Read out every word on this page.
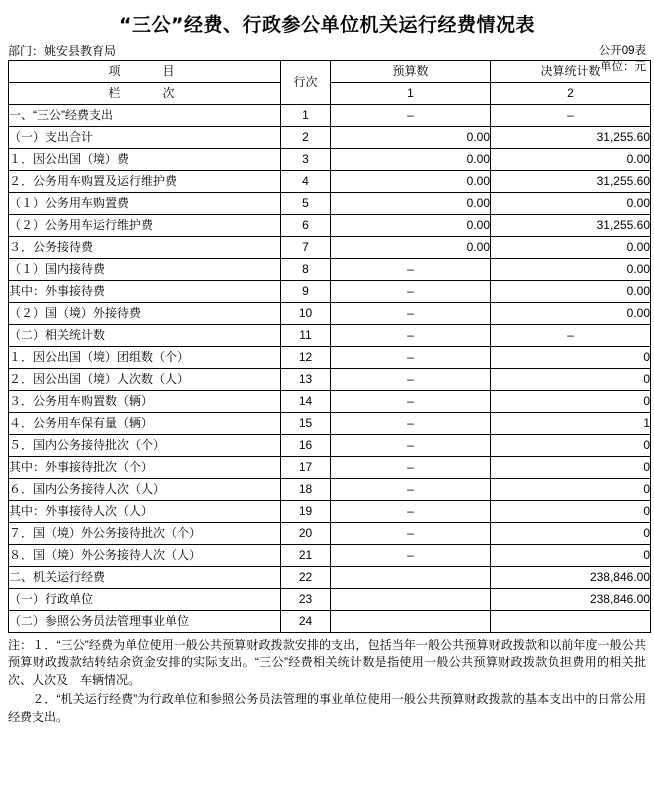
“三公”经费、行政参公单位机关运行经费情况表
公开09表
单位：元
部门：姚安县教育局
项　　目	行次	预算数	决算统计数
栏　　次		1	2
一、“三公”经费支出	1	–	–
（一）支出合计	2	0.00	31,255.60
１．因公出国（境）费	3	0.00	0.00
２．公务用车购置及运行维护费	4	0.00	31,255.60
（１）公务用车购置费	5	0.00	0.00
（２）公务用车运行维护费	6	0.00	31,255.60
３．公务接待费	7	0.00	0.00
（１）国内接待费	8	–	0.00
其中：外事接待费	9	–	0.00
（２）国（境）外接待费	10	–	0.00
（二）相关统计数	11	–	–
１．因公出国（境）团组数（个）	12	–	0
２．因公出国（境）人次数（人）	13	–	0
３．公务用车购置数（辆）	14	–	0
４．公务用车保有量（辆）	15	–	1
５．国内公务接待批次（个）	16	–	0
其中：外事接待批次（个）	17	–	0
６．国内公务接待人次（人）	18	–	0
其中：外事接待人次（人）	19	–	0
７．国（境）外公务接待批次（个）	20	–	0
８．国（境）外公务接待人次（人）	21	–	0
二、机关运行经费	22		238,846.00
（一）行政单位	23		238,846.00
（二）参照公务员法管理事业单位	24		

注：１．“三公”经费为单位使用一般公共预算财政拨款安排的支出，包括当年一般公共预算财政拨款和以前年度一般公共预算财政拨款结转结余资金安排的实际支出。“三公”经费相关统计数是指使用一般公共预算财政拨款负担费用的相关批次、人次及　车辆情况。

　　２．“机关运行经费”为行政单位和参照公务员法管理的事业单位使用一般公共预算财政拨款的基本支出中的日常公用经费支出。
